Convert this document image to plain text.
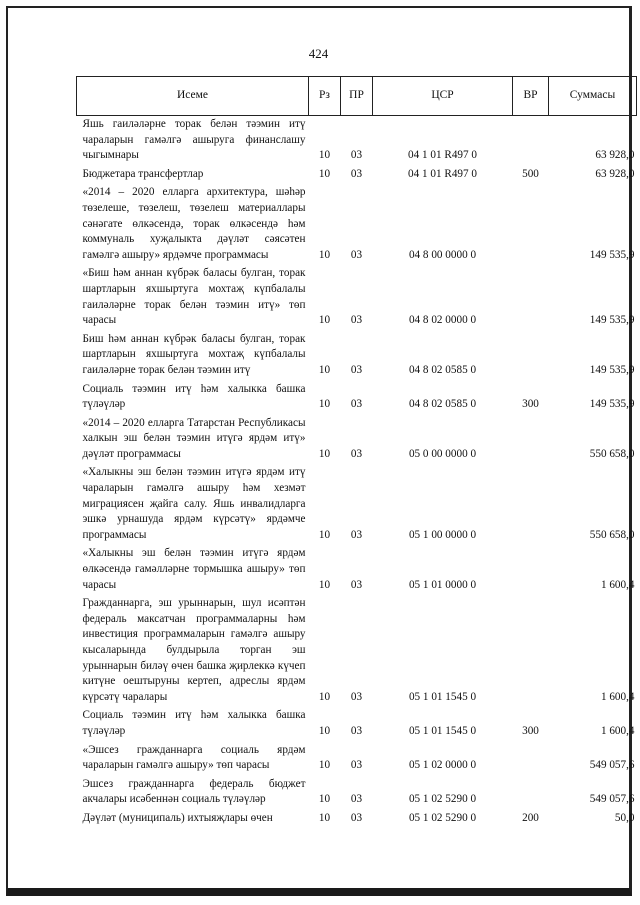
424
Исеме	Рз	ПР	ЦСР	ВР	Суммасы
Яшь гаиләләрне торак белән тәэмин итү чараларын гамәлгә ашыруга финанслашу чыгымнары	10	03	04 1 01 R497 0		63 928,0
Бюджетара трансфертлар	10	03	04 1 01 R497 0	500	63 928,0
«2014 – 2020 елларга архитектура, шәһәр төзелеше, төзелеш, төзелеш материаллары сәнәгате өлкәсендә, торак өлкәсендә һәм коммуналь хуҗалыкта дәүләт сәясәтен гамәлгә ашыру» ярдәмче программасы	10	03	04 8 00 0000 0		149 535,9
«Биш һәм аннан күбрәк баласы булган, торак шартларын яхшыртуга мохтаҗ күпбалалы гаиләләрне торак белән тәэмин итү» төп чарасы	10	03	04 8 02 0000 0		149 535,9
Биш һәм аннан күбрәк баласы булган, торак шартларын яхшыртуга мохтаҗ күпбалалы гаиләләрне торак белән тәэмин итү	10	03	04 8 02 0585 0		149 535,9
Социаль тәэмин итү һәм халыкка башка түләүләр	10	03	04 8 02 0585 0	300	149 535,9
«2014 – 2020 елларга Татарстан Республикасы халкын эш белән тәэмин итүгә ярдәм итү» дәүләт программасы	10	03	05 0 00 0000 0		550 658,0
«Халыкны эш белән тәэмин итүгә ярдәм итү чараларын гамәлгә ашыру һәм хезмәт миграциясен җайга салу. Яшь инвалидларга эшкә урнашуда ярдәм күрсәтү» ярдәмче программасы	10	03	05 1 00 0000 0		550 658,0
«Халыкны эш белән тәэмин итүгә ярдәм өлкәсендә гамәлләрне тормышка ашыру» төп чарасы	10	03	05 1 01 0000 0		1 600,4
Гражданнарга, эш урыннарын, шул исәптән федераль максатчан программаларны һәм инвестиция программаларын гамәлгә ашыру кысаларында булдырыла торган эш урыннарын биләү өчен башка җирлеккә күчеп китүне оештыруны кертеп, адреслы ярдәм күрсәтү чаралары	10	03	05 1 01 1545 0		1 600,4
Социаль тәэмин итү һәм халыкка башка түләүләр	10	03	05 1 01 1545 0	300	1 600,4
«Эшсез гражданнарга социаль ярдәм чараларын гамәлгә ашыру» төп чарасы	10	03	05 1 02 0000 0		549 057,6
Эшсез гражданнарга федераль бюджет акчалары исәбеннән социаль түләүләр	10	03	05 1 02 5290 0		549 057,6
Дәүләт (муниципаль) ихтыяҗлары өчен	10	03	05 1 02 5290 0	200	50,0
